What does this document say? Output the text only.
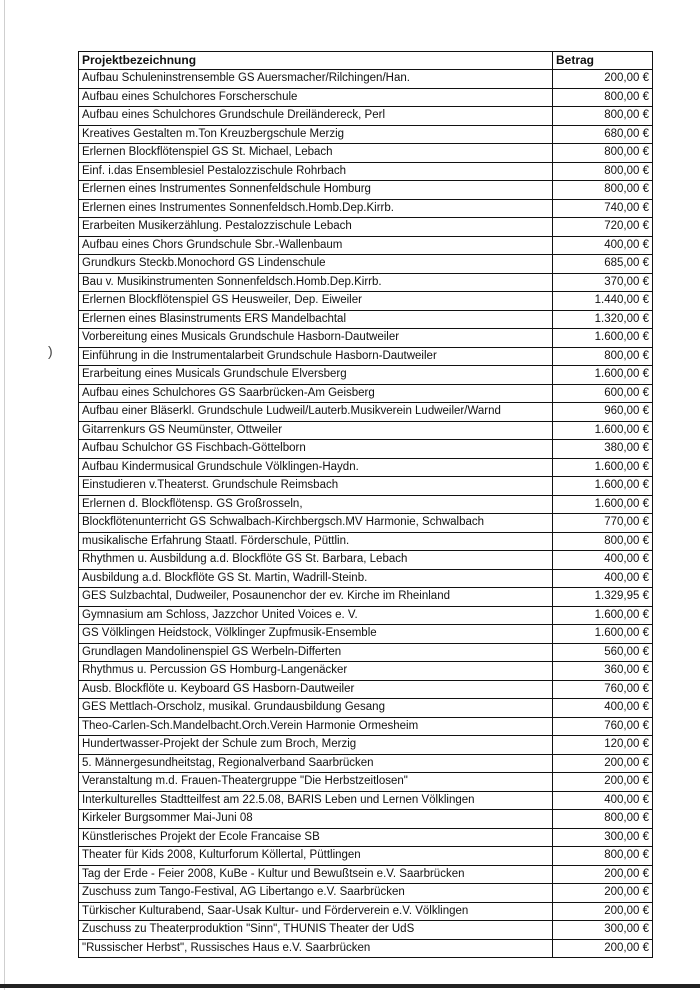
)
Projektbezeichnung	Betrag
Aufbau Schuleninstrensemble GS Auersmacher/Rilchingen/Han.	200,00 €
Aufbau eines Schulchores Forscherschule	800,00 €
Aufbau eines Schulchores Grundschule Dreiländereck, Perl	800,00 €
Kreatives Gestalten m.Ton Kreuzbergschule Merzig	680,00 €
Erlernen Blockflötenspiel GS St. Michael, Lebach	800,00 €
Einf. i.das Ensemblesiel Pestalozzischule Rohrbach	800,00 €
Erlernen eines Instrumentes Sonnenfeldschule Homburg	800,00 €
Erlernen eines Instrumentes Sonnenfeldsch.Homb.Dep.Kirrb.	740,00 €
Erarbeiten Musikerzählung. Pestalozzischule Lebach	720,00 €
Aufbau eines Chors Grundschule Sbr.-Wallenbaum	400,00 €
Grundkurs Steckb.Monochord GS Lindenschule	685,00 €
Bau v. Musikinstrumenten Sonnenfeldsch.Homb.Dep.Kirrb.	370,00 €
Erlernen Blockflötenspiel GS Heusweiler, Dep. Eiweiler	1.440,00 €
Erlernen eines Blasinstruments ERS Mandelbachtal	1.320,00 €
Vorbereitung eines Musicals Grundschule Hasborn-Dautweiler	1.600,00 €
Einführung in die Instrumentalarbeit Grundschule Hasborn-Dautweiler	800,00 €
Erarbeitung eines Musicals Grundschule Elversberg	1.600,00 €
Aufbau eines Schulchores GS Saarbrücken-Am Geisberg	600,00 €
Aufbau einer Bläserkl. Grundschule Ludweil/Lauterb.Musikverein Ludweiler/Warnd	960,00 €
Gitarrenkurs GS Neumünster, Ottweiler	1.600,00 €
Aufbau Schulchor GS Fischbach-Göttelborn	380,00 €
Aufbau Kindermusical Grundschule Völklingen-Haydn.	1.600,00 €
Einstudieren v.Theaterst. Grundschule Reimsbach	1.600,00 €
Erlernen d. Blockflötensp. GS Großrosseln,	1.600,00 €
Blockflötenunterricht GS Schwalbach-Kirchbergsch.MV Harmonie, Schwalbach	770,00 €
musikalische Erfahrung Staatl. Förderschule, Püttlin.	800,00 €
Rhythmen u. Ausbildung a.d. Blockflöte GS St. Barbara, Lebach	400,00 €
Ausbildung a.d. Blockflöte GS St. Martin, Wadrill-Steinb.	400,00 €
GES Sulzbachtal, Dudweiler, Posaunenchor der ev. Kirche im Rheinland	1.329,95 €
Gymnasium am Schloss, Jazzchor United Voices e. V.	1.600,00 €
GS Völklingen Heidstock, Völklinger Zupfmusik-Ensemble	1.600,00 €
Grundlagen Mandolinenspiel GS Werbeln-Differten	560,00 €
Rhythmus u. Percussion GS Homburg-Langenäcker	360,00 €
Ausb. Blockflöte u. Keyboard GS Hasborn-Dautweiler	760,00 €
GES Mettlach-Orscholz, musikal. Grundausbildung Gesang	400,00 €
Theo-Carlen-Sch.Mandelbacht.Orch.Verein Harmonie Ormesheim	760,00 €
Hundertwasser-Projekt der Schule zum Broch, Merzig	120,00 €
5. Männergesundheitstag, Regionalverband Saarbrücken	200,00 €
Veranstaltung m.d. Frauen-Theatergruppe "Die Herbstzeitlosen"	200,00 €
Interkulturelles Stadtteilfest am 22.5.08, BARIS Leben und Lernen Völklingen	400,00 €
Kirkeler Burgsommer Mai-Juni 08	800,00 €
Künstlerisches Projekt der Ecole Francaise SB	300,00 €
Theater für Kids 2008, Kulturforum Köllertal, Püttlingen	800,00 €
Tag der Erde - Feier 2008, KuBe - Kultur und Bewußtsein e.V. Saarbrücken	200,00 €
Zuschuss zum Tango-Festival, AG Libertango e.V. Saarbrücken	200,00 €
Türkischer Kulturabend, Saar-Usak Kultur- und Förderverein e.V. Völklingen	200,00 €
Zuschuss zu Theaterproduktion "Sinn", THUNIS Theater der UdS	300,00 €
"Russischer Herbst", Russisches Haus e.V. Saarbrücken	200,00 €
